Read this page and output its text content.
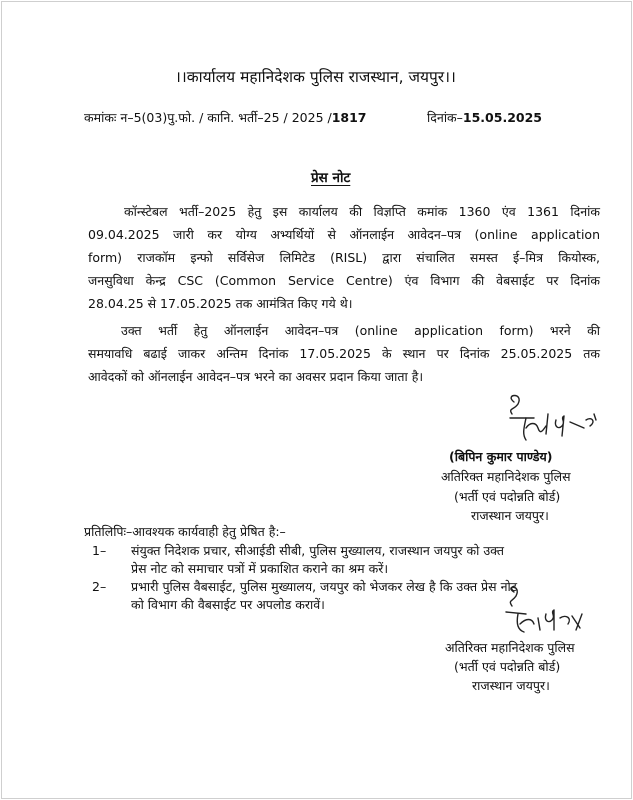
।।कार्यालय महानिदेशक पुलिस राजस्थान, जयपुर।।
कमांकः न–5(03)पु.फो. / कानि. भर्ती–25 / 2025 /1817	दिनांक–15.05.2025
प्रेस नोट
कॉन्स्टेबल भर्ती–2025 हेतु इस कार्यालय की विज्ञप्ति कमांक 1360 एंव 1361 दिनांक
09.04.2025 जारी कर योग्य अभ्यर्थियों से ऑनलाईन आवेदन–पत्र (online application
form) राजकॉम इन्फो सर्विसेज लिमिटेड (RISL) द्वारा संचालित समस्त ई–मित्र कियोस्क,
जनसुविधा केन्द्र CSC (Common Service Centre) एंव विभाग की वेबसाईट पर दिनांक
28.04.25 से 17.05.2025 तक आमंत्रित किए गये थे।
उक्त भर्ती हेतु ऑनलाईन आवेदन–पत्र (online application form) भरने की
समयावधि बढाई जाकर अन्तिम दिनांक 17.05.2025 के स्थान पर दिनांक 25.05.2025 तक
आवेदकों को ऑनलाईन आवेदन–पत्र भरने का अवसर प्रदान किया जाता है।
(बिपिन कुमार पाण्डेय)
अतिरिक्त महानिदेशक पुलिस
(भर्ती एवं पदोन्नति बोर्ड)
राजस्थान जयपुर।
प्रतिलिपिः–आवश्यक कार्यवाही हेतु प्रेषित है:–
1– संयुक्त निदेशक प्रचार, सीआईडी सीबी, पुलिस मुख्यालय, राजस्थान जयपुर को उक्त
प्रेस नोट को समाचार पत्रों में प्रकाशित कराने का श्रम करें।
2– प्रभारी पुलिस वैबसाईट, पुलिस मुख्यालय, जयपुर को भेजकर लेख है कि उक्त प्रेस नोट
को विभाग की वैबसाईट पर अपलोड करावें।
अतिरिक्त महानिदेशक पुलिस
(भर्ती एवं पदोन्नति बोर्ड)
राजस्थान जयपुर।
